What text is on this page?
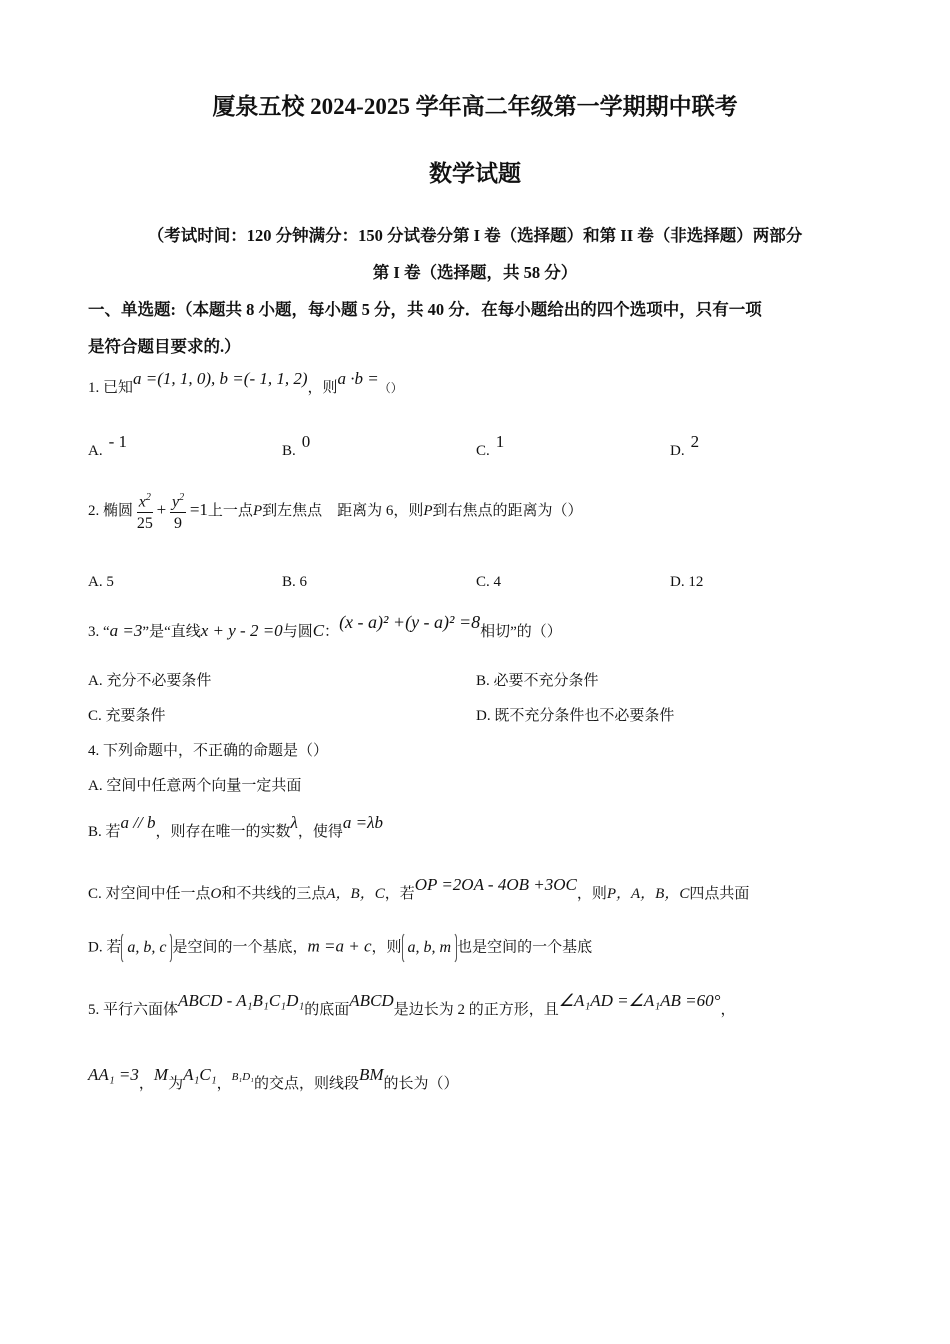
厦泉五校 2024-2025 学年高二年级第一学期期中联考
数学试题
（考试时间：120 分钟满分：150 分试卷分第 I 卷（选择题）和第 II 卷（非选择题）两部分
第 I 卷（选择题，共 58 分）
一、单选题:（本题共 8 小题，每小题 5 分，共 40 分．在每小题给出的四个选项中，只有一项
是符合题目要求的.）
1. 已知a =(1, 1, 0), b =(- 1, 1, 2)，则a ·b =（）
A. - 1	B. 0	C. 1	D. 2
2. 椭圆 $\frac{x^2}{25} + \frac{y^2}{9} =1$上一点P到左焦点　距离为 6，则P到右焦点的距离为（）
A. 5	B. 6	C. 4	D. 12
3. “a =3”是“直线x + y - 2 =0与圆C：(x - a)² +(y - a)² =8相切”的（）
A. 充分不必要条件	B. 必要不充分条件
C. 充要条件	D. 既不充分条件也不必要条件
4. 下列命题中，不正确的命题是（）
A. 空间中任意两个向量一定共面
B. 若a // b，则存在唯一的实数λ，使得a =λb
C. 对空间中任一点O和不共线的三点A，B，C，若OP =2OA - 4OB +3OC，则P，A，B，C四点共面
D. 若 a, b, c 是空间的一个基底，m =a + c，则 a, b, m 也是空间的一个基底
5. 平行六面体ABCD - A₁B₁C₁D₁的底面ABCD是边长为 2 的正方形，且∠A₁AD =∠A₁AB =60°，
AA₁ =3，M为A₁C₁，$^{B_1D_1}$的交点，则线段BM的长为（）
